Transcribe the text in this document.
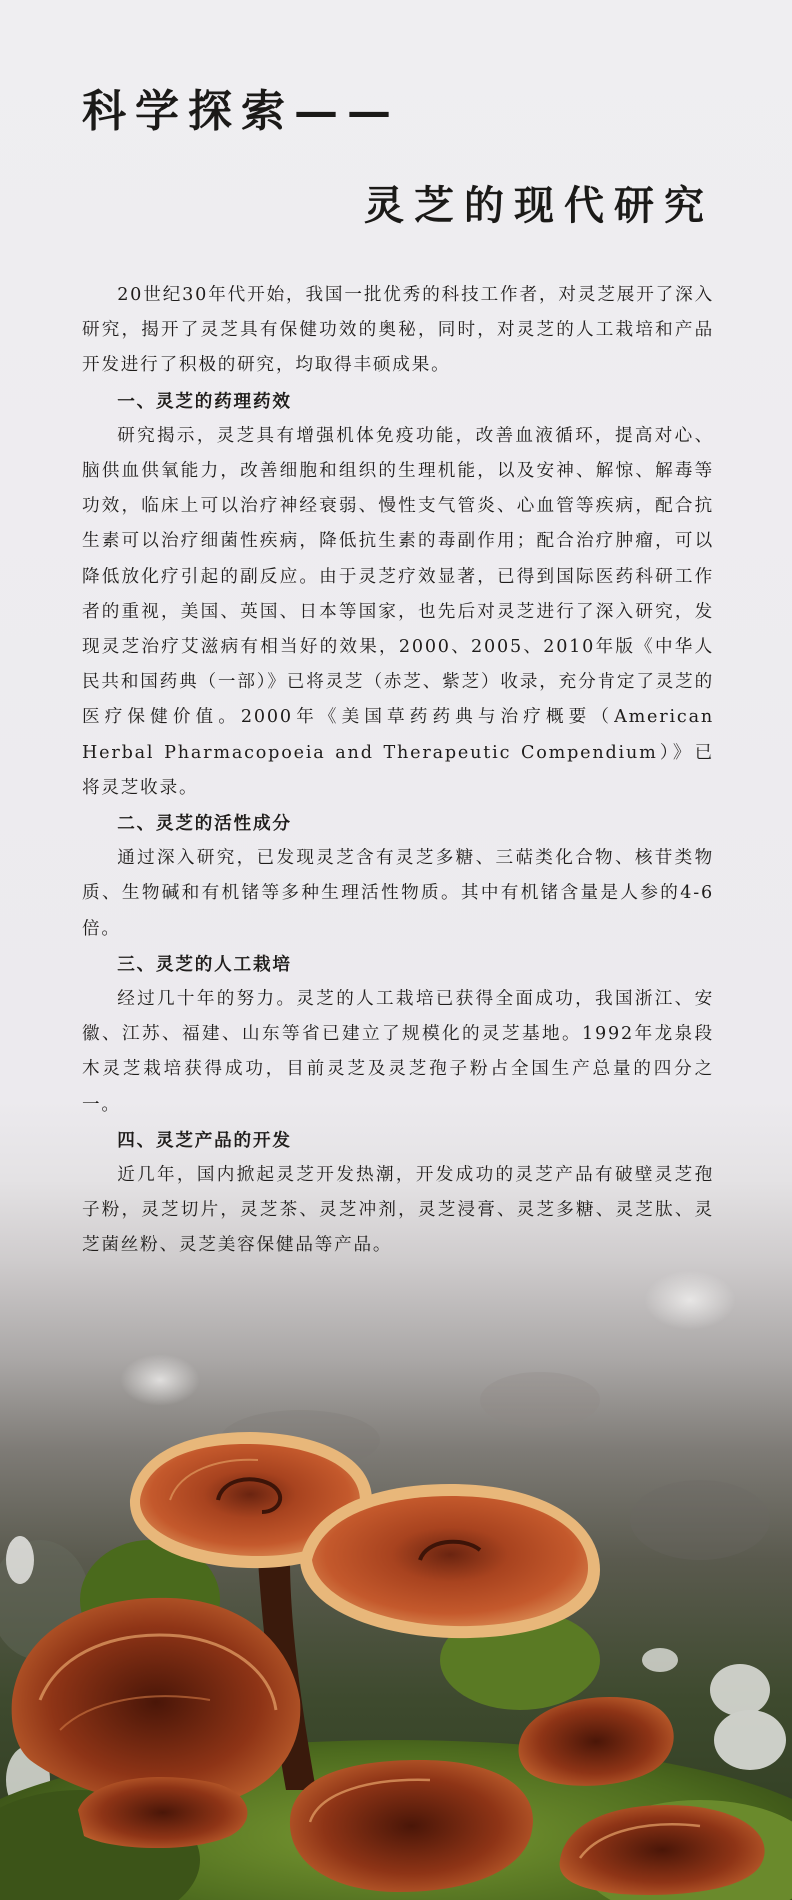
科学探索——
灵芝的现代研究

20世纪30年代开始，我国一批优秀的科技工作者，对灵芝展开了深入研究，揭开了灵芝具有保健功效的奥秘，同时，对灵芝的人工栽培和产品开发进行了积极的研究，均取得丰硕成果。

一、灵芝的药理药效

研究揭示，灵芝具有增强机体免疫功能，改善血液循环，提高对心、脑供血供氧能力，改善细胞和组织的生理机能，以及安神、解惊、解毒等功效，临床上可以治疗神经衰弱、慢性支气管炎、心血管等疾病，配合抗生素可以治疗细菌性疾病，降低抗生素的毒副作用；配合治疗肿瘤，可以降低放化疗引起的副反应。由于灵芝疗效显著，已得到国际医药科研工作者的重视，美国、英国、日本等国家，也先后对灵芝进行了深入研究，发现灵芝治疗艾滋病有相当好的效果，2000、2005、2010年版《中华人民共和国药典（一部）》已将灵芝（赤芝、紫芝）收录，充分肯定了灵芝的医疗保健价值。2000年《美国草药药典与治疗概要（American Herbal Pharmacopoeia and Therapeutic Compendium）》已将灵芝收录。

二、灵芝的活性成分

通过深入研究，已发现灵芝含有灵芝多糖、三萜类化合物、核苷类物质、生物碱和有机锗等多种生理活性物质。其中有机锗含量是人参的4-6倍。

三、灵芝的人工栽培

经过几十年的努力。灵芝的人工栽培已获得全面成功，我国浙江、安徽、江苏、福建、山东等省已建立了规模化的灵芝基地。1992年龙泉段木灵芝栽培获得成功，目前灵芝及灵芝孢子粉占全国生产总量的四分之一。

四、灵芝产品的开发

近几年，国内掀起灵芝开发热潮，开发成功的灵芝产品有破壁灵芝孢子粉，灵芝切片，灵芝茶、灵芝冲剂，灵芝浸膏、灵芝多糖、灵芝肽、灵芝菌丝粉、灵芝美容保健品等产品。
